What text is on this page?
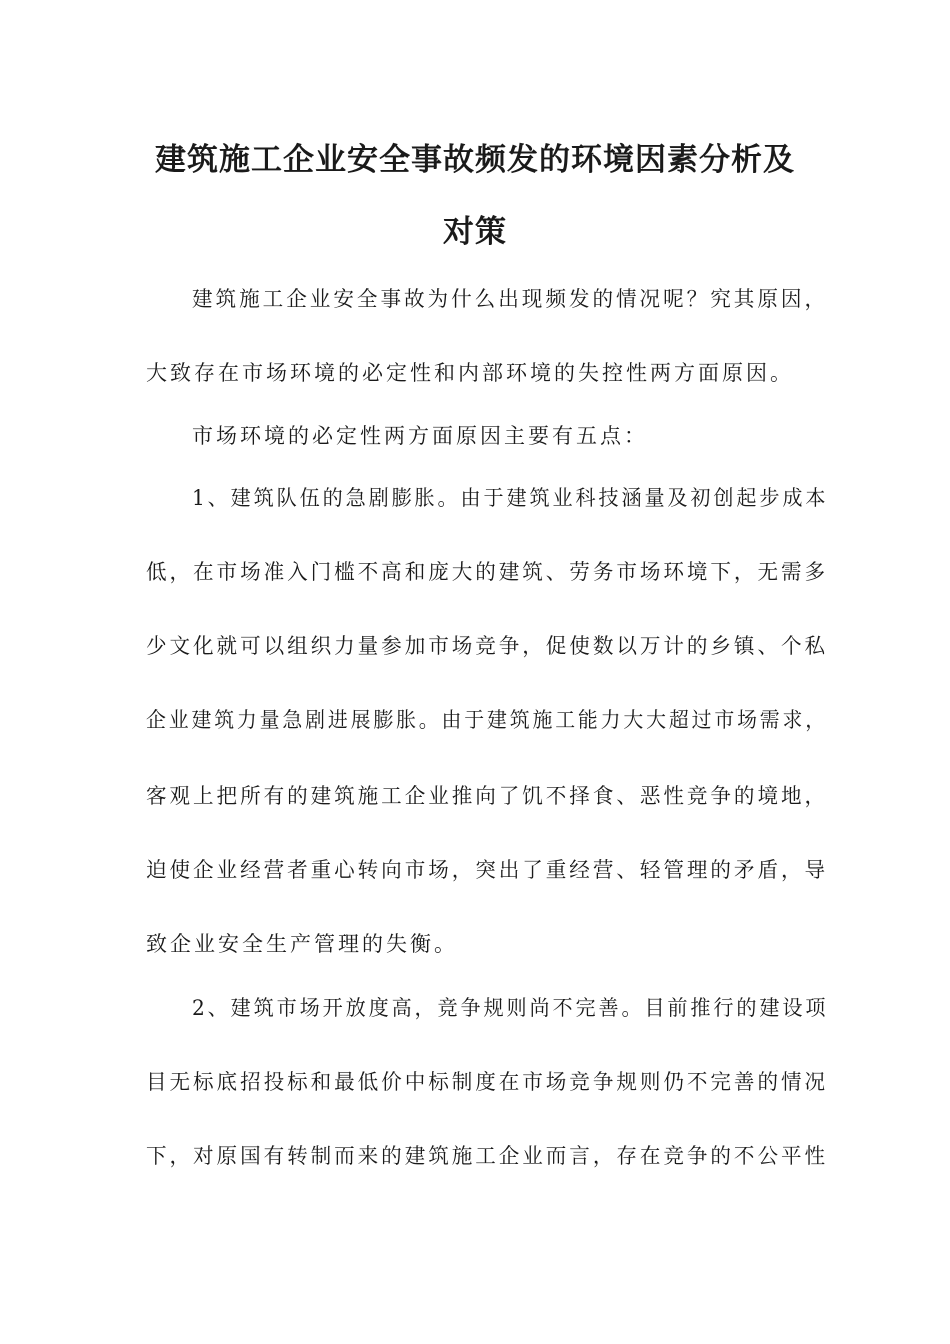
建筑施工企业安全事故频发的环境因素分析及
对策

建筑施工企业安全事故为什么出现频发的情况呢？究其原因，

大致存在市场环境的必定性和内部环境的失控性两方面原因。

市场环境的必定性两方面原因主要有五点：

1、建筑队伍的急剧膨胀。由于建筑业科技涵量及初创起步成本

低，在市场准入门槛不高和庞大的建筑、劳务市场环境下，无需多

少文化就可以组织力量参加市场竞争，促使数以万计的乡镇、个私

企业建筑力量急剧进展膨胀。由于建筑施工能力大大超过市场需求，

客观上把所有的建筑施工企业推向了饥不择食、恶性竞争的境地，

迫使企业经营者重心转向市场，突出了重经营、轻管理的矛盾，导

致企业安全生产管理的失衡。

2、建筑市场开放度高，竞争规则尚不完善。目前推行的建设项

目无标底招投标和最低价中标制度在市场竞争规则仍不完善的情况

下，对原国有转制而来的建筑施工企业而言，存在竞争的不公平性
